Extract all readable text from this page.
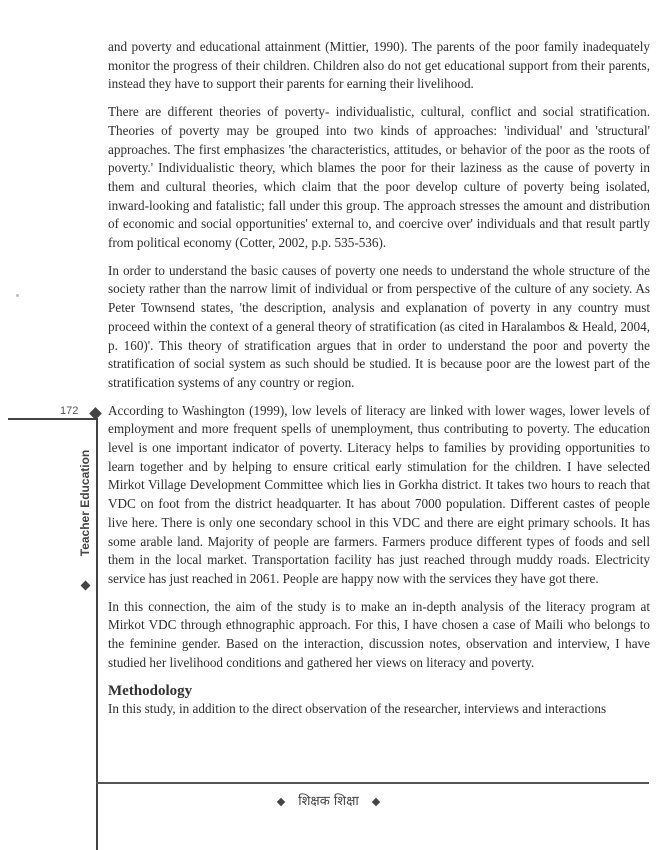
172
Teacher Education

and poverty and educational attainment (Mittier, 1990). The parents of the poor family inadequately monitor the progress of their children. Children also do not get educational support from their parents, instead they have to support their parents for earning their livelihood.

There are different theories of poverty- individualistic, cultural, conflict and social stratification. Theories of poverty may be grouped into two kinds of approaches: 'individual' and 'structural' approaches. The first emphasizes 'the characteristics, attitudes, or behavior of the poor as the roots of poverty.' Individualistic theory, which blames the poor for their laziness as the cause of poverty in them and cultural theories, which claim that the poor develop culture of poverty being isolated, inward-looking and fatalistic; fall under this group. The approach stresses the amount and distribution of economic and social opportunities' external to, and coercive over' individuals and that result partly from political economy (Cotter, 2002, p.p. 535-536).

In order to understand the basic causes of poverty one needs to understand the whole structure of the society rather than the narrow limit of individual or from perspective of the culture of any society. As Peter Townsend states, 'the description, analysis and explanation of poverty in any country must proceed within the context of a general theory of stratification (as cited in Haralambos & Heald, 2004, p. 160)'. This theory of stratification argues that in order to understand the poor and poverty the stratification of social system as such should be studied. It is because poor are the lowest part of the stratification systems of any country or region.

According to Washington (1999), low levels of literacy are linked with lower wages, lower levels of employment and more frequent spells of unemployment, thus contributing to poverty. The education level is one important indicator of poverty. Literacy helps to families by providing opportunities to learn together and by helping to ensure critical early stimulation for the children. I have selected Mirkot Village Development Committee which lies in Gorkha district. It takes two hours to reach that VDC on foot from the district headquarter. It has about 7000 population. Different castes of people live here. There is only one secondary school in this VDC and there are eight primary schools. It has some arable land. Majority of people are farmers. Farmers produce different types of foods and sell them in the local market. Transportation facility has just reached through muddy roads. Electricity service has just reached in 2061. People are happy now with the services they have got there.

In this connection, the aim of the study is to make an in-depth analysis of the literacy program at Mirkot VDC through ethnographic approach. For this, I have chosen a case of Maili who belongs to the feminine gender. Based on the interaction, discussion notes, observation and interview, I have studied her livelihood conditions and gathered her views on literacy and poverty.

Methodology

In this study, in addition to the direct observation of the researcher, interviews and interactions

शिक्षक शिक्षा
